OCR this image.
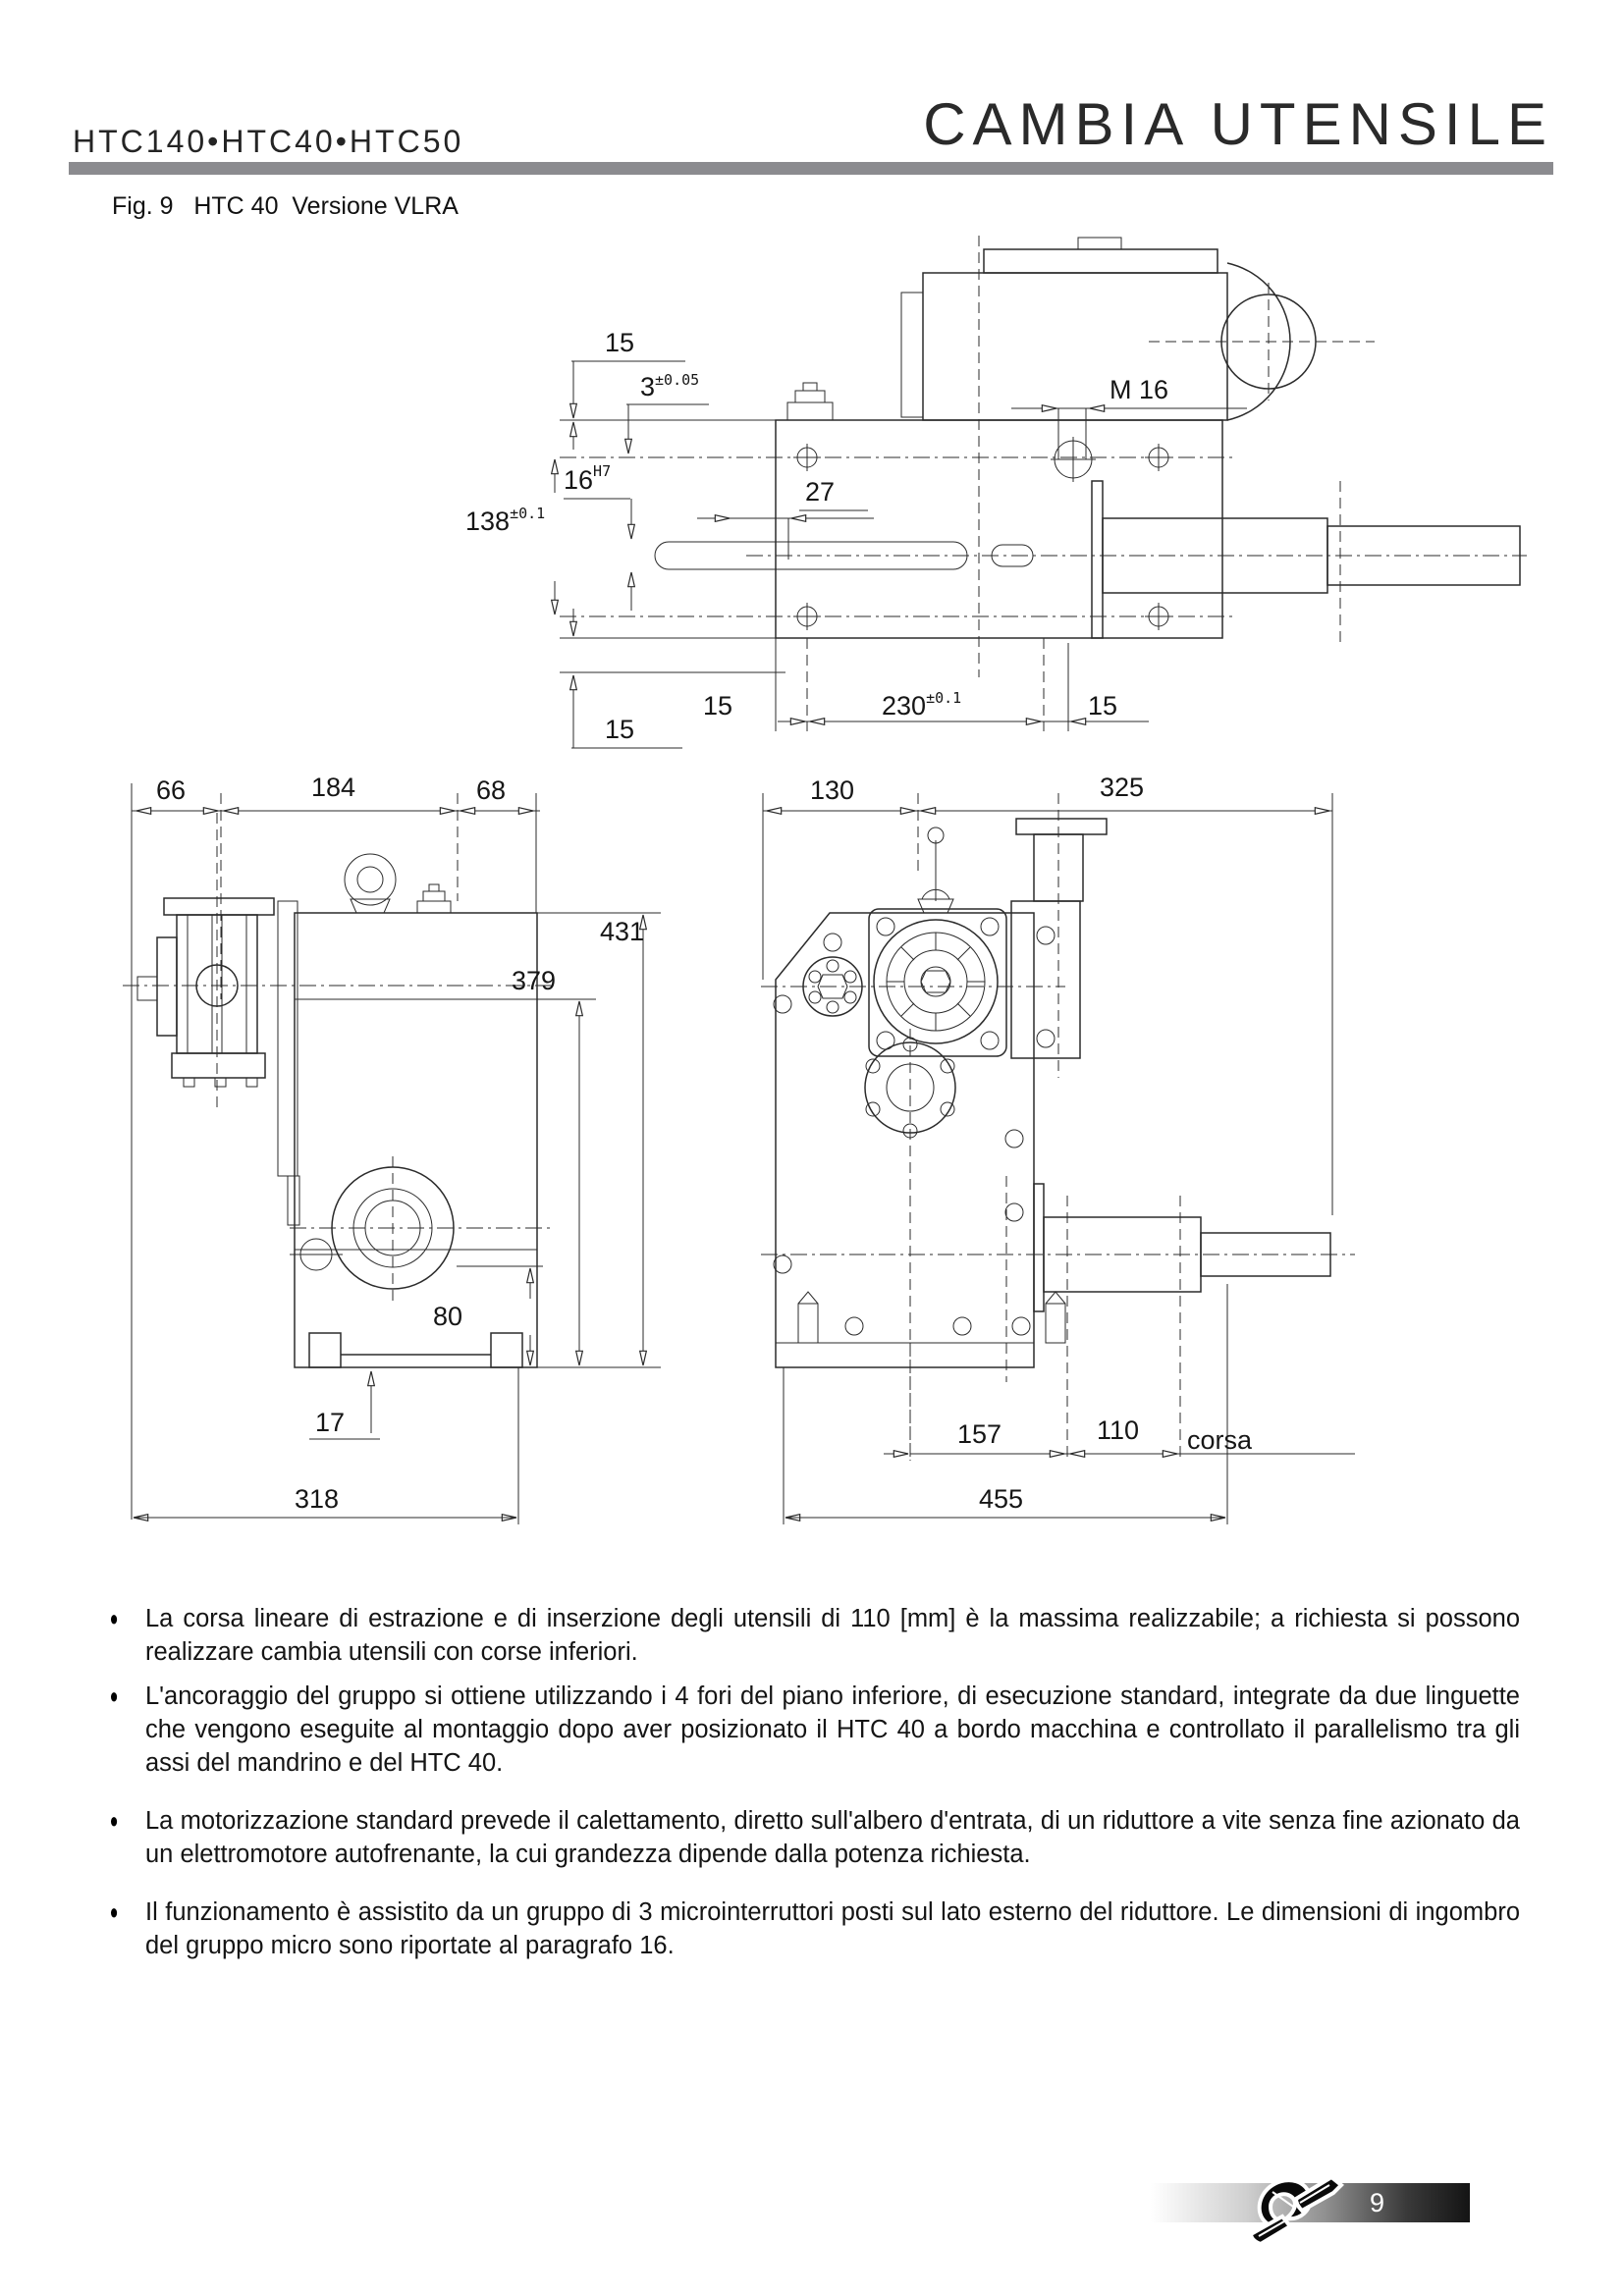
HTC140•HTC40•HTC50	CAMBIA UTENSILE
Fig. 9   HTC 40  Versione VLRA
M 16
15
$3^{\pm 0.05}$
$16^{H7}$
27
$138^{\pm 0.1}$
15
15	$230^{\pm 0.1}$	15
66	184	68
431
379
80
17
318
130	325
157	110 corsa
455
●	La corsa lineare di estrazione e di inserzione degli utensili di 110 [mm] è la massima realizzabile; a richiesta si possono realizzare cambia utensili con corse inferiori.
●	L'ancoraggio del gruppo si ottiene utilizzando i 4 fori del piano inferiore, di esecuzione standard, integrate da due linguette che vengono eseguite al montaggio dopo aver posizionato il HTC 40 a bordo macchina e controllato il parallelismo tra gli assi del mandrino e del HTC 40.
●	La motorizzazione standard prevede il calettamento, diretto sull'albero d'entrata, di un riduttore a vite senza fine azionato da un elettromotore autofrenante, la cui grandezza dipende dalla potenza richiesta.
●	Il funzionamento è assistito da un gruppo di 3 microinterruttori posti sul lato esterno del riduttore. Le dimensioni di ingombro del gruppo micro sono riportate al paragrafo 16.
9
